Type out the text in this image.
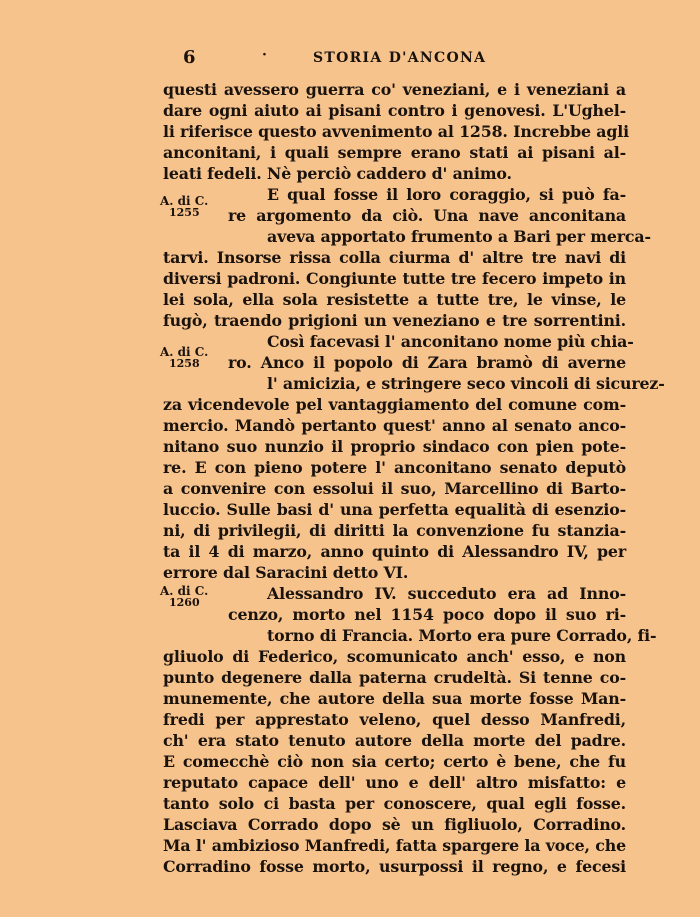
6	·	STORIA D'ANCONA
A. di C.
1255
A. di C.
1258
A. di C.
1260
questi avessero guerra co' veneziani, e i veneziani a
dare ogni aiuto ai pisani contro i genovesi. L'Ughel-
li riferisce questo avvenimento al 1258. Increbbe agli
anconitani, i quali sempre erano stati ai pisani al-
leati fedeli. Nè perciò caddero d' animo.
E qual fosse il loro coraggio, si può fa-
re argomento da ciò. Una nave anconitana
aveva apportato frumento a Bari per merca-
tarvi. Insorse rissa colla ciurma d' altre tre navi di
diversi padroni. Congiunte tutte tre fecero impeto in
lei sola, ella sola resistette a tutte tre, le vinse, le
fugò, traendo prigioni un veneziano e tre sorrentini.
Così facevasi l' anconitano nome più chia-
ro. Anco il popolo di Zara bramò di averne
l' amicizia, e stringere seco vincoli di sicurez-
za vicendevole pel vantaggiamento del comune com-
mercio. Mandò pertanto quest' anno al senato anco-
nitano suo nunzio il proprio sindaco con pien pote-
re. E con pieno potere l' anconitano senato deputò
a convenire con essolui il suo, Marcellino di Barto-
luccio. Sulle basi d' una perfetta equalità di esenzio-
ni, di privilegii, di diritti la convenzione fu stanzia-
ta il 4 di marzo, anno quinto di Alessandro IV, per
errore dal Saracini detto VI.
Alessandro IV. succeduto era ad Inno-
cenzo, morto nel 1154 poco dopo il suo ri-
torno di Francia. Morto era pure Corrado, fi-
gliuolo di Federico, scomunicato anch' esso, e non
punto degenere dalla paterna crudeltà. Si tenne co-
munemente, che autore della sua morte fosse Man-
fredi per apprestato veleno, quel desso Manfredi,
ch' era stato tenuto autore della morte del padre.
E comecchè ciò non sia certo; certo è bene, che fu
reputato capace dell' uno e dell' altro misfatto: e
tanto solo ci basta per conoscere, qual egli fosse.
Lasciava Corrado dopo sè un figliuolo, Corradino.
Ma l' ambizioso Manfredi, fatta spargere la voce, che
Corradino fosse morto, usurpossi il regno, e fecesi
